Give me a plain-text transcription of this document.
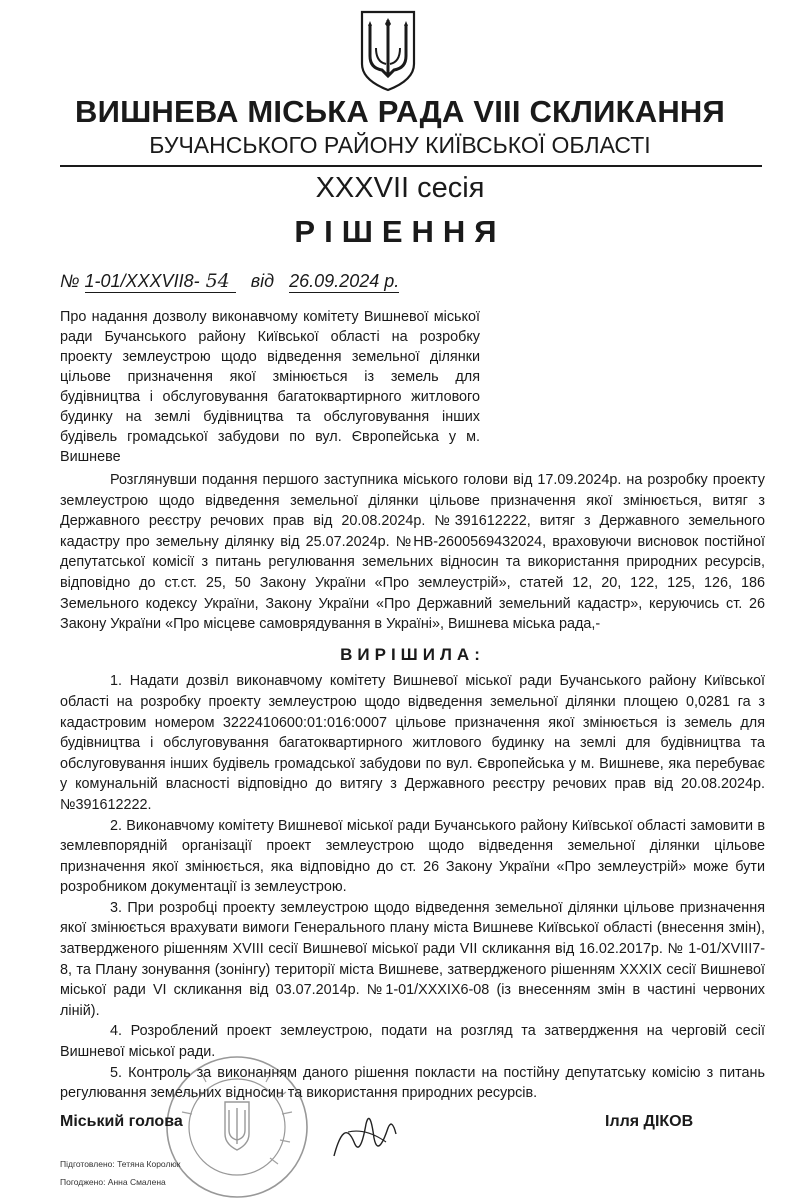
ВИШНЕВА МІСЬКА РАДА VIII СКЛИКАННЯ
БУЧАНСЬКОГО РАЙОНУ КИЇВСЬКОЇ ОБЛАСТІ
XXXVII сесія
РІШЕННЯ
№ 1-01/XXXVII8- 54 від 26.09.2024 р.
Про надання дозволу виконавчому комітету Вишневої міської ради Бучанського району Київської області на розробку проекту землеустрою щодо відведення земельної ділянки цільове призначення якої змінюється із земель для будівництва і обслуговування багатоквартирного житлового будинку на землі будівництва та обслуговування інших будівель громадської забудови по вул. Європейська у м. Вишневе

Розглянувши подання першого заступника міського голови від 17.09.2024р. на розробку проекту землеустрою щодо відведення земельної ділянки цільове призначення якої змінюється, витяг з Державного реєстру речових прав від 20.08.2024р. №391612222, витяг з Державного земельного кадастру про земельну ділянку від 25.07.2024р. №НВ-2600569432024, враховуючи висновок постійної депутатської комісії з питань регулювання земельних відносин та використання природних ресурсів, відповідно до ст.ст. 25, 50 Закону України «Про землеустрій», статей 12, 20, 122, 125, 126, 186 Земельного кодексу України, Закону України «Про Державний земельний кадастр», керуючись ст. 26 Закону України «Про місцеве самоврядування в Україні», Вишнева міська рада,-

ВИРІШИЛА:

1. Надати дозвіл виконавчому комітету Вишневої міської ради Бучанського району Київської області на розробку проекту землеустрою щодо відведення земельної ділянки площею 0,0281 га з кадастровим номером 3222410600:01:016:0007 цільове призначення якої змінюється із земель для будівництва і обслуговування багатоквартирного житлового будинку на землі для будівництва та обслуговування інших будівель громадської забудови по вул. Європейська у м. Вишневе, яка перебуває у комунальній власності відповідно до витягу з Державного реєстру речових прав від 20.08.2024р. №391612222.

2. Виконавчому комітету Вишневої міської ради Бучанського району Київської області замовити в землевпорядній організації проект землеустрою щодо відведення земельної ділянки цільове призначення якої змінюється, яка відповідно до ст. 26 Закону України «Про землеустрій» може бути розробником документації із землеустрою.

3. При розробці проекту землеустрою щодо відведення земельної ділянки цільове призначення якої змінюється врахувати вимоги Генерального плану міста Вишневе Київської області (внесення змін), затвердженого рішенням XVIII сесії Вишневої міської ради VII скликання від 16.02.2017р. № 1-01/XVIII7-8, та Плану зонування (зонінгу) території міста Вишневе, затвердженого рішенням XXXIX сесії Вишневої міської ради VI скликання від 03.07.2014р. №1-01/XXXIX6-08 (із внесенням змін в частині червоних ліній).

4. Розроблений проект землеустрою, подати на розгляд та затвердження на черговій сесії Вишневої міської ради.

5. Контроль за виконанням даного рішення покласти на постійну депутатську комісію з питань регулювання земельних відносин та використання природних ресурсів.

Міський голова	Ілля ДІКОВ
Підготовлено: Тетяна Королюк
Погоджено: Анна Смалена
